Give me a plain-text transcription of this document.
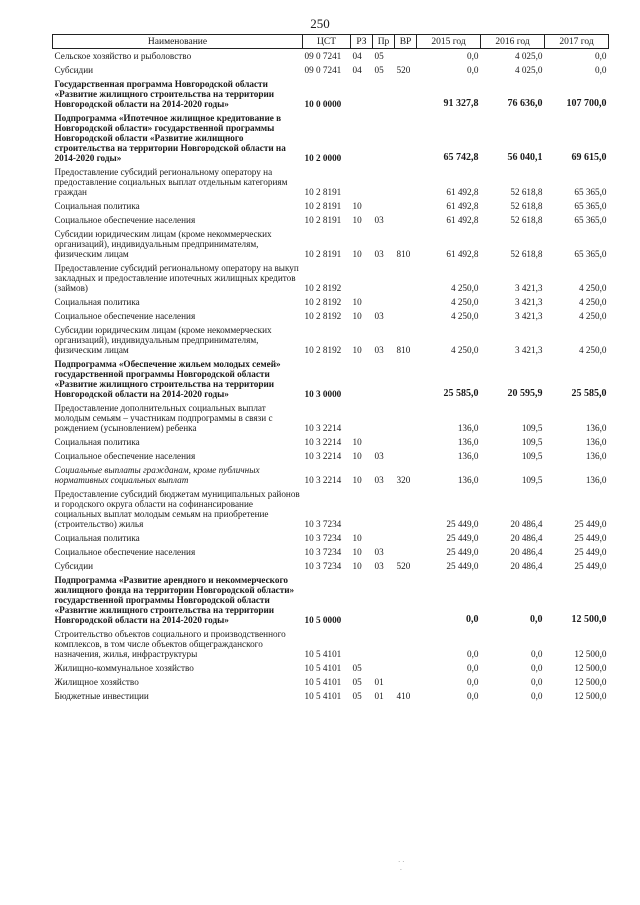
250
Наименование	ЦСТ	РЗ	Пр	ВР	2015 год	2016 год	2017 год
Сельское хозяйство и рыболовство	09 0 7241	04	05		0,0	4 025,0	0,0
Субсидии	09 0 7241	04	05	520	0,0	4 025,0	0,0
Государственная программа Новгородской области «Развитие жилищного строительства на территории Новгородской области на 2014-2020 годы»	10 0 0000				91 327,8	76 636,0	107 700,0
Подпрограмма «Ипотечное жилищное кредитование в Новгородской области» государственной программы Новгородской области «Развитие жилищного строительства на территории Новгородской области на 2014-2020 годы»	10 2 0000				65 742,8	56 040,1	69 615,0
Предоставление субсидий региональному оператору на предоставление социальных выплат отдельным категориям граждан	10 2 8191				61 492,8	52 618,8	65 365,0
Социальная политика	10 2 8191	10			61 492,8	52 618,8	65 365,0
Социальное обеспечение населения	10 2 8191	10	03		61 492,8	52 618,8	65 365,0
Субсидии юридическим лицам (кроме некоммерческих организаций), индивидуальным предпринимателям, физическим лицам	10 2 8191	10	03	810	61 492,8	52 618,8	65 365,0
Предоставление субсидий региональному оператору на выкуп закладных и предоставление ипотечных жилищных кредитов (займов)	10 2 8192				4 250,0	3 421,3	4 250,0
Социальная политика	10 2 8192	10			4 250,0	3 421,3	4 250,0
Социальное обеспечение населения	10 2 8192	10	03		4 250,0	3 421,3	4 250,0
Субсидии юридическим лицам (кроме некоммерческих организаций), индивидуальным предпринимателям, физическим лицам	10 2 8192	10	03	810	4 250,0	3 421,3	4 250,0
Подпрограмма «Обеспечение жильем молодых семей» государственной программы Новгородской области «Развитие жилищного строительства на территории Новгородской области на 2014-2020 годы»	10 3 0000				25 585,0	20 595,9	25 585,0
Предоставление дополнительных социальных выплат молодым семьям – участникам подпрограммы в связи с рождением (усыновлением) ребенка	10 3 2214				136,0	109,5	136,0
Социальная политика	10 3 2214	10			136,0	109,5	136,0
Социальное обеспечение населения	10 3 2214	10	03		136,0	109,5	136,0
Социальные выплаты гражданам, кроме публичных нормативных социальных выплат	10 3 2214	10	03	320	136,0	109,5	136,0
Предоставление субсидий бюджетам муниципальных районов и городского округа области на софинансирование социальных выплат молодым семьям на приобретение (строительство) жилья	10 3 7234				25 449,0	20 486,4	25 449,0
Социальная политика	10 3 7234	10			25 449,0	20 486,4	25 449,0
Социальное обеспечение населения	10 3 7234	10	03		25 449,0	20 486,4	25 449,0
Субсидии	10 3 7234	10	03	520	25 449,0	20 486,4	25 449,0
Подпрограмма «Развитие арендного и некоммерческого жилищного фонда на территории Новгородской области» государственной программы Новгородской области «Развитие жилищного строительства на территории Новгородской области на 2014-2020 годы»	10 5 0000				0,0	0,0	12 500,0
Строительство объектов социального и производственного комплексов, в том числе объектов общегражданского назначения, жилья, инфраструктуры	10 5 4101				0,0	0,0	12 500,0
Жилищно-коммунальное хозяйство	10 5 4101	05			0,0	0,0	12 500,0
Жилищное хозяйство	10 5 4101	05	01		0,0	0,0	12 500,0
Бюджетные инвестиции	10 5 4101	05	01	410	0,0	0,0	12 500,0
· ·
·
